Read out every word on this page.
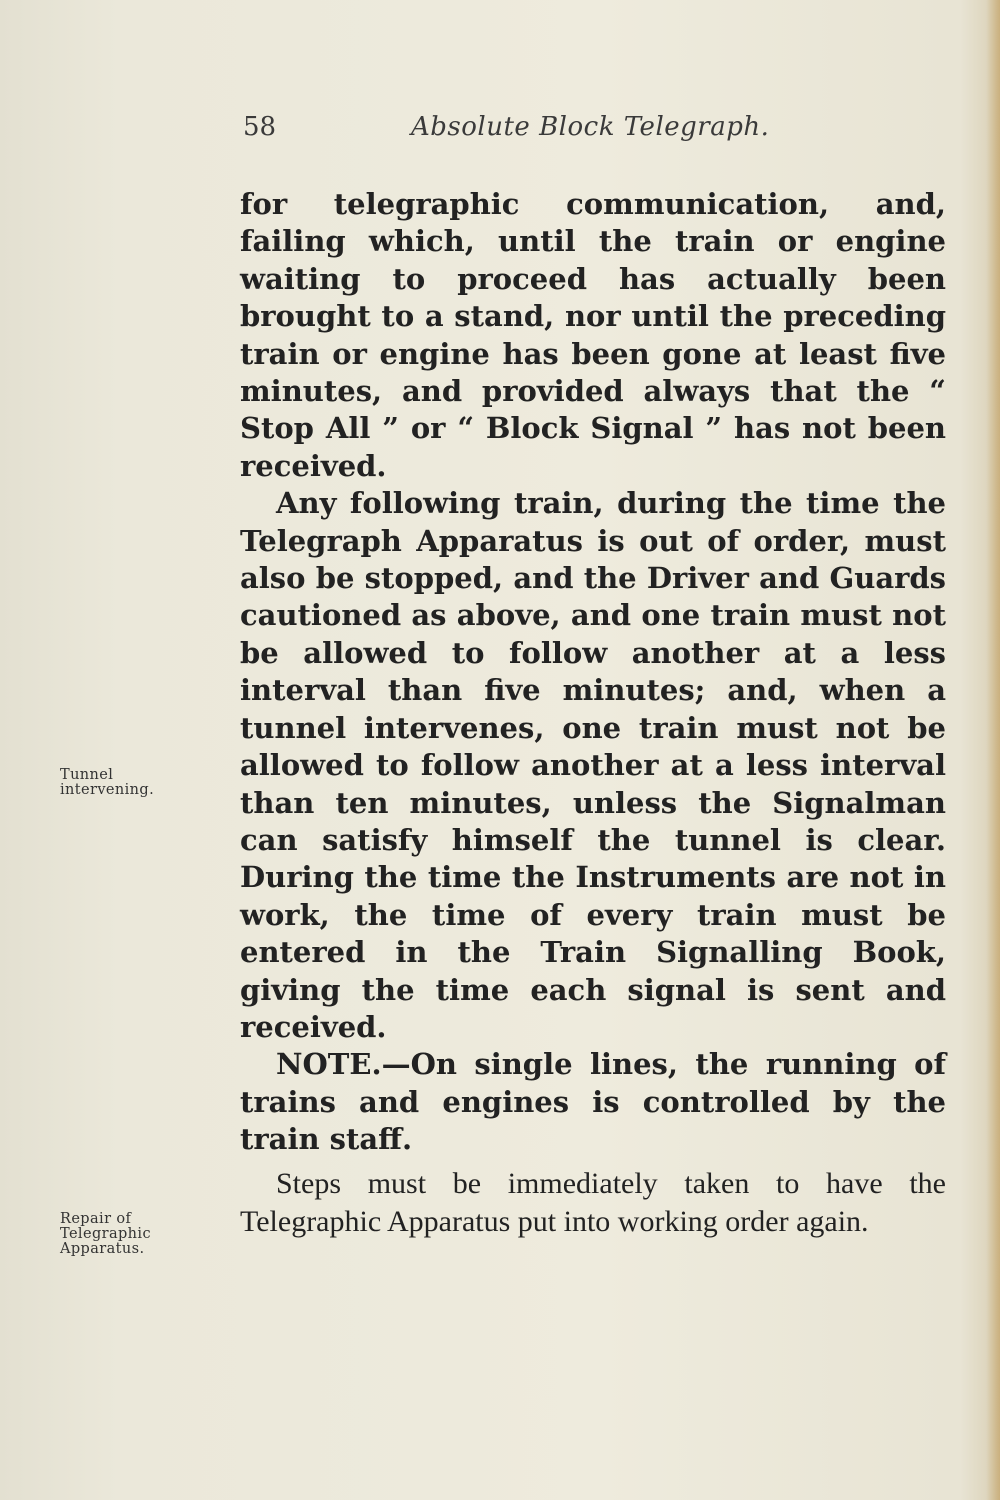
58	Absolute Block Telegraph.
Tunnel
intervening.
Repair of
Telegraphic
Apparatus.

for telegraphic communication, and, failing which, until the train or engine waiting to proceed has actually been brought to a stand, nor until the preceding train or engine has been gone at least five minutes, and provided always that the “ Stop All ” or “ Block Signal ” has not been received.

Any following train, during the time the Telegraph Apparatus is out of order, must also be stopped, and the Driver and Guards cautioned as above, and one train must not be allowed to follow another at a less interval than five minutes; and, when a tunnel intervenes, one train must not be allowed to follow another at a less interval than ten minutes, unless the Signalman can satisfy himself the tunnel is clear. During the time the Instruments are not in work, the time of every train must be entered in the Train Signalling Book, giving the time each signal is sent and received.

NOTE.—On single lines, the running of trains and engines is controlled by the train staff.

Steps must be immediately taken to have the Telegraphic Apparatus put into working order again.
